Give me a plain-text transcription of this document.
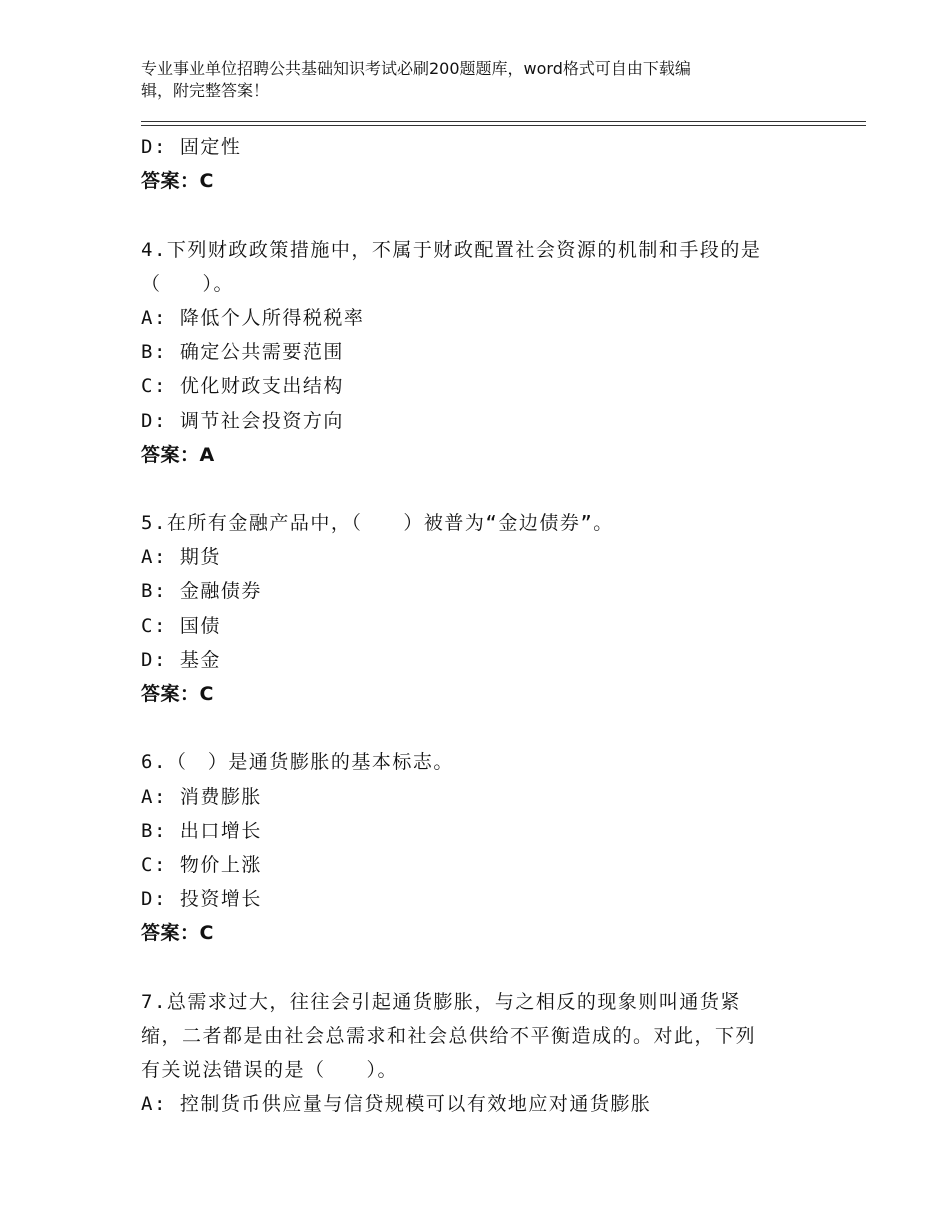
专业事业单位招聘公共基础知识考试必刷200题题库，word格式可自由下载编
辑，附完整答案！
D: 固定性
答案：C
4.下列财政政策措施中，不属于财政配置社会资源的机制和手段的是
（　　）。
A: 降低个人所得税税率
B: 确定公共需要范围
C: 优化财政支出结构
D: 调节社会投资方向
答案：A
5.在所有金融产品中，（　　）被普为“金边债券”。
A: 期货
B: 金融债券
C: 国债
D: 基金
答案：C
6.（　）是通货膨胀的基本标志。
A: 消费膨胀
B: 出口增长
C: 物价上涨
D: 投资增长
答案：C
7.总需求过大，往往会引起通货膨胀，与之相反的现象则叫通货紧
缩，二者都是由社会总需求和社会总供给不平衡造成的。对此，下列
有关说法错误的是（　　）。
A: 控制货币供应量与信贷规模可以有效地应对通货膨胀
